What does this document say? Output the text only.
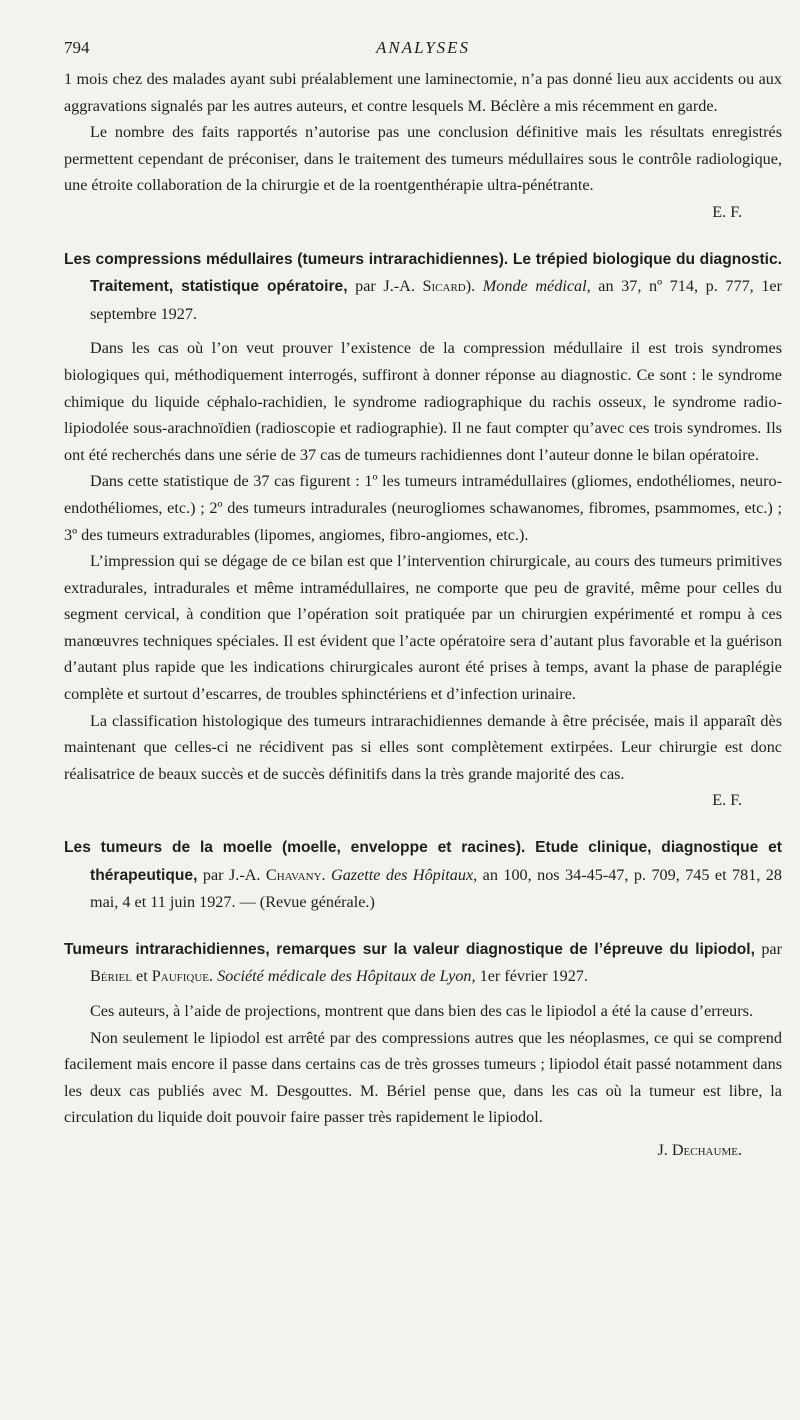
794	ANALYSES

1 mois chez des malades ayant subi préalablement une laminectomie, n’a pas donné lieu aux accidents ou aux aggravations signalés par les autres auteurs, et contre lesquels M. Béclère a mis récemment en garde.

Le nombre des faits rapportés n’autorise pas une conclusion définitive mais les résultats enregistrés permettent cependant de préconiser, dans le traitement des tumeurs médullaires sous le contrôle radiologique, une étroite collaboration de la chirurgie et de la roentgenthérapie ultra-pénétrante.

E. F.
Les compressions médullaires (tumeurs intrarachidiennes). Le trépied biologique du diagnostic. Traitement, statistique opératoire, par J.-A. Sicard). Monde médical, an 37, nº 714, p. 777, 1er septembre 1927.

Dans les cas où l’on veut prouver l’existence de la compression médullaire il est trois syndromes biologiques qui, méthodiquement interrogés, suffiront à donner réponse au diagnostic. Ce sont : le syndrome chimique du liquide céphalo-rachidien, le syndrome radiographique du rachis osseux, le syndrome radio-lipiodolée sous-arachnoïdien (radioscopie et radiographie). Il ne faut compter qu’avec ces trois syndromes. Ils ont été recherchés dans une série de 37 cas de tumeurs rachidiennes dont l’auteur donne le bilan opératoire.

Dans cette statistique de 37 cas figurent : 1º les tumeurs intramédullaires (gliomes, endothéliomes, neuro-endothéliomes, etc.) ; 2º des tumeurs intradurales (neurogliomes schawanomes, fibromes, psammomes, etc.) ; 3º des tumeurs extradurables (lipomes, angiomes, fibro-angiomes, etc.).

L’impression qui se dégage de ce bilan est que l’intervention chirurgicale, au cours des tumeurs primitives extradurales, intradurales et même intramédullaires, ne comporte que peu de gravité, même pour celles du segment cervical, à condition que l’opération soit pratiquée par un chirurgien expérimenté et rompu à ces manœuvres techniques spéciales. Il est évident que l’acte opératoire sera d’autant plus favorable et la guérison d’autant plus rapide que les indications chirurgicales auront été prises à temps, avant la phase de paraplégie complète et surtout d’escarres, de troubles sphinctériens et d’infection urinaire.

La classification histologique des tumeurs intrarachidiennes demande à être précisée, mais il apparaît dès maintenant que celles-ci ne récidivent pas si elles sont complètement extirpées. Leur chirurgie est donc réalisatrice de beaux succès et de succès définitifs dans la très grande majorité des cas.

E. F.
Les tumeurs de la moelle (moelle, enveloppe et racines). Etude clinique, diagnostique et thérapeutique, par J.-A. Chavany. Gazette des Hôpitaux, an 100, nos 34-45-47, p. 709, 745 et 781, 28 mai, 4 et 11 juin 1927. — (Revue générale.)
Tumeurs intrarachidiennes, remarques sur la valeur diagnostique de l’épreuve du lipiodol, par Bériel et Paufique. Société médicale des Hôpitaux de Lyon, 1er février 1927.

Ces auteurs, à l’aide de projections, montrent que dans bien des cas le lipiodol a été la cause d’erreurs.

Non seulement le lipiodol est arrêté par des compressions autres que les néoplasmes, ce qui se comprend facilement mais encore il passe dans certains cas de très grosses tumeurs ; lipiodol était passé notamment dans les deux cas publiés avec M. Desgouttes. M. Bériel pense que, dans les cas où la tumeur est libre, la circulation du liquide doit pouvoir faire passer très rapidement le lipiodol.

J. Dechaume.
